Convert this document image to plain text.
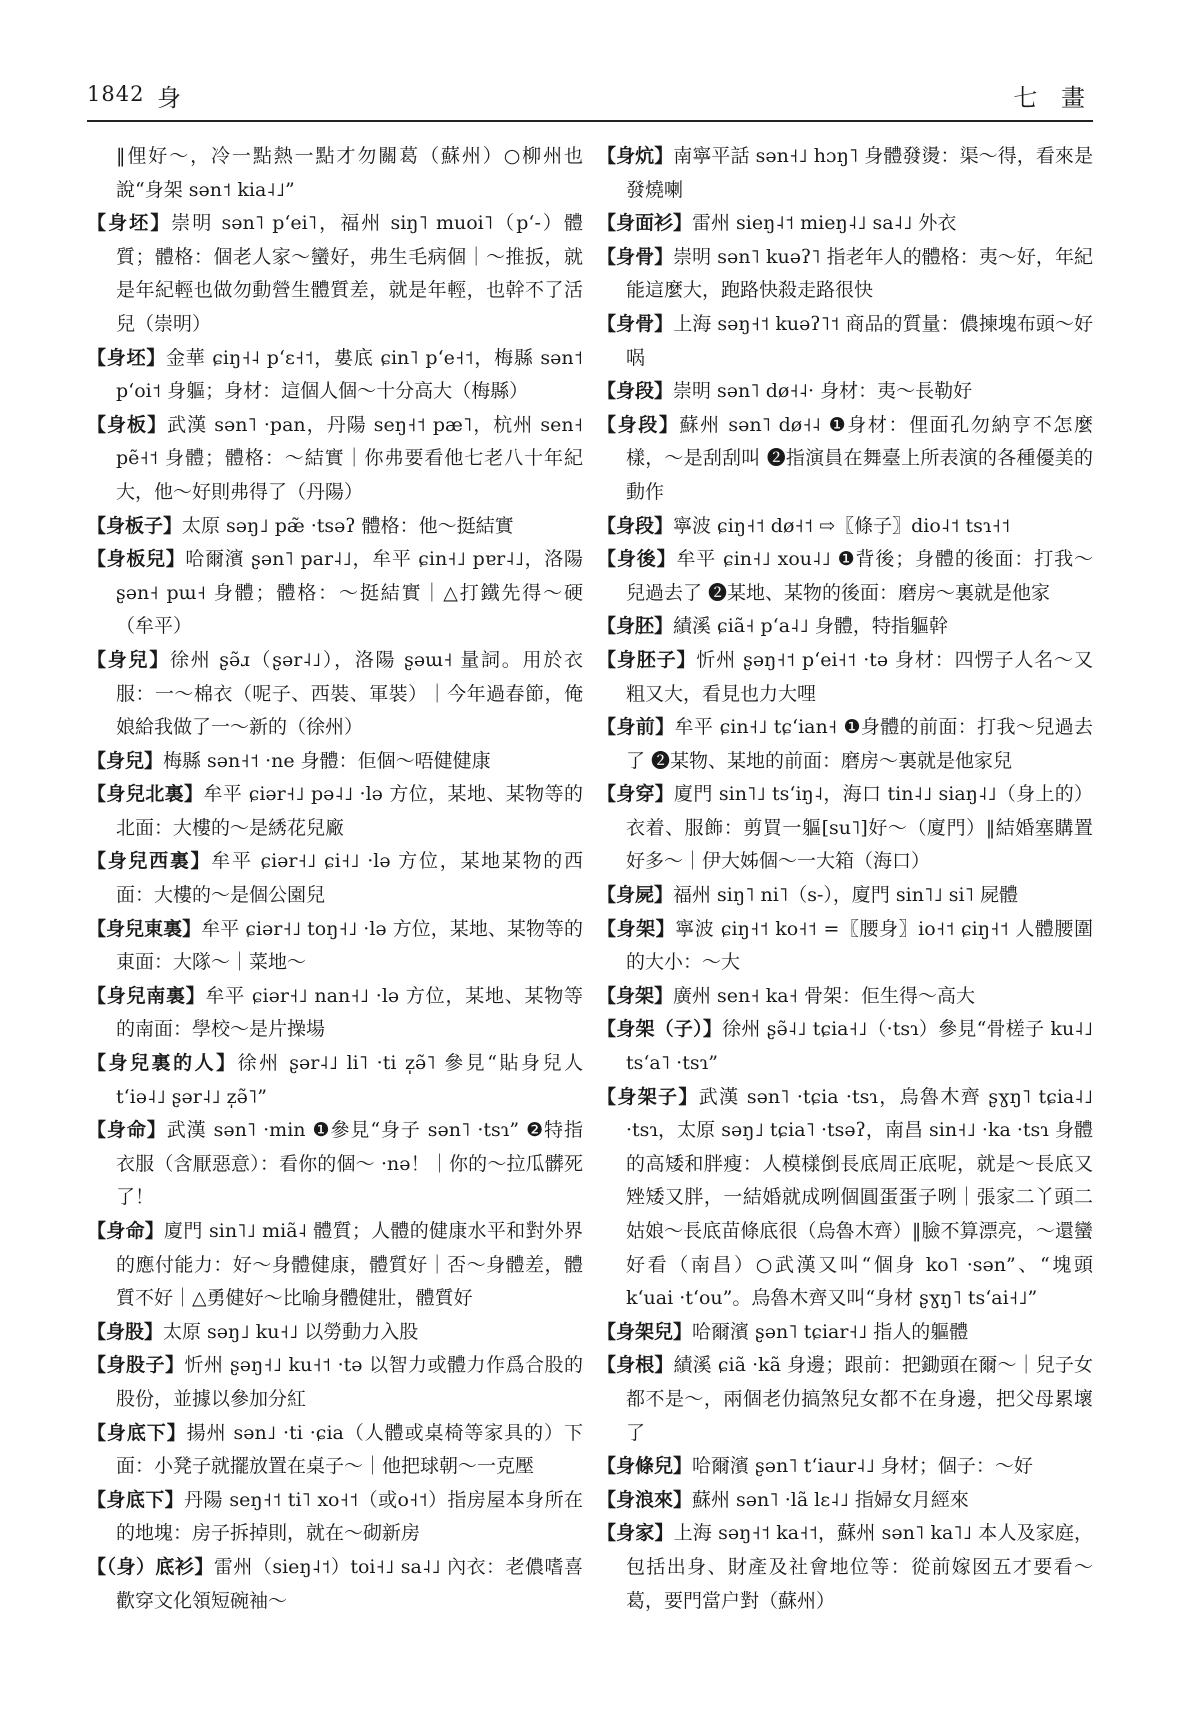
1842 身	七 畫

‖俚好～，冷一點熱一點才勿關葛（蘇州）○柳州也說“身架 sən˦ kia˨˩”

【身坯】崇明 sən˥ pʻei˥，福州 siŋ˥ muoi˥（pʻ-）體質；體格：個老人家～蠻好，弗生毛病個｜～推扳，就是年紀輕也做勿動營生體質差，就是年輕，也幹不了活兒（崇明）

【身坯】金華 ɕiŋ˧˨ pʻɛ˧˦，婁底 ɕin˥ pʻe˧˦，梅縣 sən˦ pʻoi˦ 身軀；身材：這個人個～十分高大（梅縣）

【身板】武漢 sən˥ ·pan，丹陽 seŋ˧˦ pæ˥，杭州 sen˧ pẽ˧˦ 身體；體格：～結實｜你弗要看他七老八十年紀大，他～好則弗得了（丹陽）

【身板子】太原 səŋ˩ pæ̃ ·tsəʔ 體格：他～挺結實

【身板兒】哈爾濱 ʂən˥ par˨˩，牟平 ɕin˧˩ pɐr˨˩，洛陽 ʂən˧ pɯ˧ 身體；體格：～挺結實｜△打鐵先得～硬（牟平）

【身兒】徐州 ʂə̃ɹ（ʂər˨˩），洛陽 ʂəɯ˧ 量詞。用於衣服：一～棉衣（呢子、西裝、軍裝）｜今年過春節，俺娘給我做了一～新的（徐州）

【身兒】梅縣 sən˧˦ ·ne 身體：佢個～唔健健康

【身兒北裏】牟平 ɕiər˧˩ pə˨˩ ·lə 方位，某地、某物等的北面：大樓的～是綉花兒廠

【身兒西裏】牟平 ɕiər˧˩ ɕi˧˩ ·lə 方位，某地某物的西面：大樓的～是個公園兒

【身兒東裏】牟平 ɕiər˧˩ toŋ˧˩ ·lə 方位，某地、某物等的東面：大隊～｜菜地～

【身兒南裏】牟平 ɕiər˧˩ nan˧˩ ·lə 方位，某地、某物等的南面：學校～是片操場

【身兒裏的人】徐州 ʂər˨˩ li˥ ·ti z̩ə̃˥ 參見“貼身兒人 tʻiə˨˩ ʂər˨˩ z̩ə̃˥”

【身命】武漢 sən˥ ·min ❶參見“身子 sən˥ ·tsɿ” ❷特指衣服（含厭惡意）：看你的個～ ·nə！｜你的～拉瓜髒死了！

【身命】廈門 sin˥˩ miã˨ 體質；人體的健康水平和對外界的應付能力：好～身體健康，體質好｜否～身體差，體質不好｜△勇健好～比喻身體健壯，體質好

【身股】太原 səŋ˩ ku˧˩ 以勞動力入股

【身股子】忻州 ʂəŋ˧˩ ku˧˦ ·tə 以智力或體力作爲合股的股份，並據以參加分紅

【身底下】揚州 sən˩ ·ti ·ɕia（人體或桌椅等家具的）下面：小凳子就擺放置在桌子～｜他把球朝～一克壓

【身底下】丹陽 seŋ˧˦ ti˥ xo˧˦（或o˧˦）指房屋本身所在的地塊：房子拆掉則，就在～砌新房

【（身）底衫】雷州（sieŋ˨˦）toi˧˩ sa˨˩ 內衣：老儂嗜喜歡穿文化領短碗袖～

【身炕】南寧平話 sən˧˩ hɔŋ˥ 身體發燙：渠～得，看來是發燒喇

【身面衫】雷州 sieŋ˨˦ mieŋ˨˩ sa˨˩ 外衣

【身骨】崇明 sən˥ kuəʔ˥ 指老年人的體格：夷～好，年紀能這麼大，跑路快殺走路很快

【身骨】上海 səŋ˧˦ kuəʔ˥˦ 商品的質量：儂揀塊布頭～好㖞

【身段】崇明 sən˥ dø˧˨· 身材：夷～長勒好

【身段】蘇州 sən˥ dø˧˨ ❶身材：俚面孔勿納亨不怎麼樣，～是刮刮叫 ❷指演員在舞臺上所表演的各種優美的動作

【身段】寧波 ɕiŋ˧˦ dø˧˦ ⇨〖條子〗dio˨˦ tsɿ˧˦

【身後】牟平 ɕin˧˩ xou˨˩ ❶背後；身體的後面：打我～兒過去了 ❷某地、某物的後面：磨房～裏就是他家

【身胚】績溪 ɕiã˧ pʻa˨˩ 身體，特指軀幹

【身胚子】忻州 ʂəŋ˧˦ pʻei˧˦ ·tə 身材：四愣子人名～又粗又大，看見也力大哩

【身前】牟平 ɕin˧˩ tɕʻian˧ ❶身體的前面：打我～兒過去了 ❷某物、某地的前面：磨房～裏就是他家兒

【身穿】廈門 sin˥˩ tsʻiŋ˨，海口 tin˨˩ siaŋ˨˩（身上的）衣着、服飾：剪買一軀[su˥]好～（廈門）‖結婚塞購置好多～｜伊大姊個～一大箱（海口）

【身屍】福州 siŋ˥ ni˥（s-），廈門 sin˥˩ si˥ 屍體

【身架】寧波 ɕiŋ˧˦ ko˧˦ =〖腰身〗io˧˦ ɕiŋ˧˦ 人體腰圍的大小：～大

【身架】廣州 sen˧ ka˧ 骨架：佢生得～高大

【身架（子）】徐州 ʂə̃˨˩ tɕia˧˩（·tsɿ）參見“骨槎子 ku˨˩ tsʻa˥ ·tsɿ”

【身架子】武漢 sən˥ ·tɕia ·tsɿ，烏魯木齊 ʂɣŋ˥ tɕia˨˩ ·tsɿ，太原 səŋ˩ tɕia˥ ·tsəʔ，南昌 sin˧˩ ·ka ·tsɿ 身體的高矮和胖瘦：人模樣倒長底周正底呢，就是～長底又矬矮又胖，一結婚就成咧個圓蛋蛋子咧｜張家二丫頭二姑娘～長底苗條底很（烏魯木齊）‖臉不算漂亮，～還蠻好看（南昌）○武漢又叫“個身 ko˥ ·sən”、“塊頭 kʻuai ·tʻou”。烏魯木齊又叫“身材 ʂɣŋ˥ tsʻai˧˩”

【身架兒】哈爾濱 ʂən˥ tɕiar˧˩ 指人的軀體

【身根】績溪 ɕiã ·kã 身邊；跟前：把鋤頭在爾～｜兒子女都不是～，兩個老仂搞煞兒女都不在身邊，把父母累壞了

【身條兒】哈爾濱 ʂən˥ tʻiaur˨˩ 身材；個子：～好

【身浪來】蘇州 sən˥ ·lã lɛ˨˩ 指婦女月經來

【身家】上海 səŋ˧˦ ka˧˦，蘇州 sən˥ ka˥˩ 本人及家庭，包括出身、財產及社會地位等：從前嫁囡五才要看～葛，要門當户對（蘇州）
